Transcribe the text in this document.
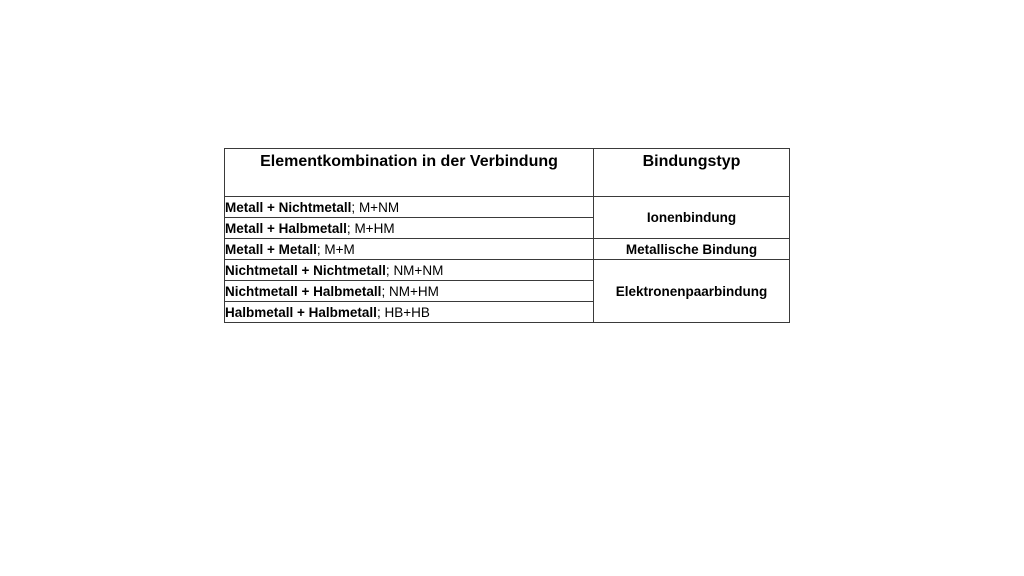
Elementkombination in der Verbindung	Bindungstyp
Metall + Nichtmetall; M+NM	Ionenbindung
Metall + Halbmetall; M+HM	
Metall + Metall; M+M	Metallische Bindung
Nichtmetall + Nichtmetall; NM+NM	Elektronenpaarbindung
Nichtmetall + Halbmetall; NM+HM	
Halbmetall + Halbmetall; HB+HB	
